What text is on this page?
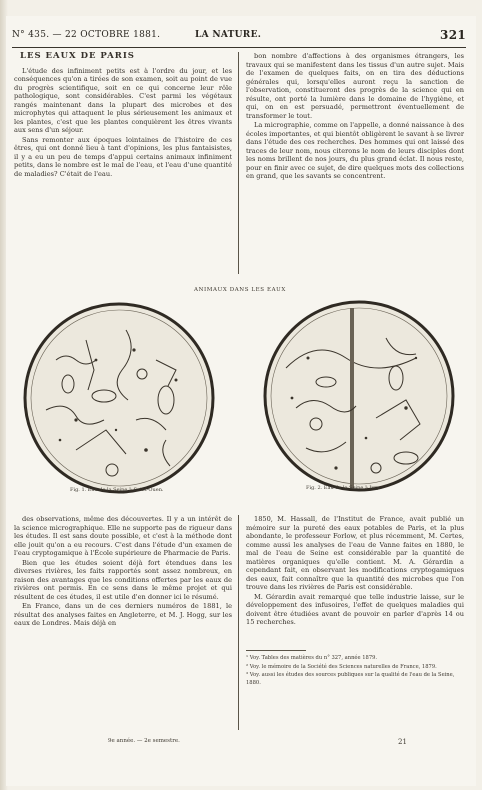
N° 435. — 22 OCTOBRE 1881.	LA NATURE.	321
LES EAUX DE PARIS

L'étude des infiniment petits est à l'ordre du jour, et les conséquences qu'on a tirées de son examen, soit au point de vue du progrès scientifique, soit en ce qui concerne leur rôle pathologique, sont considérables. C'est parmi les végétaux rangés maintenant dans la plupart des microbes et des microphytes qui attaquent le plus sérieusement les animaux et les plantes, c'est que les plantes conquièrent les êtres vivants aux sens d'un séjour.

Sans remonter aux époques lointaines de l'histoire de ces êtres, qui ont donné lieu à tant d'opinions, les plus fantaisistes, il y a eu un peu de temps d'appui certains animaux infiniment petits, dans le nombre est le mal de l'eau, et l'eau d'une quantité de maladies? C'était de l'eau.

bon nombre d'affections à des organismes étrangers, les travaux qui se manifestent dans les tissus d'un autre sujet. Mais de l'examen de quelques faits, on en tira des déductions générales qui, lorsqu'elles auront reçu la sanction de l'observation, constitueront des progrès de la science qui en résulte, ont porté la lumière dans le domaine de l'hygiène, et qui, on en est persuadé, permettront éventuellement de transformer le tout.

La micrographie, comme on l'appelle, a donné naissance à des écoles importantes, et qui bientôt obligèrent le savant à se livrer dans l'étude des ces recherches. Des hommes qui ont laissé des traces de leur nom, nous citerons le nom de leurs disciples dont les noms brillent de nos jours, du plus grand éclat. Il nous reste, pour en finir avec ce sujet, de dire quelques mots des collections en grand, que les savants se concentrent.

ANIMAUX DANS LES EAUX
Fig. 1. Eau de la Seine à Saint-Ouen.	Fig. 2. Eau de la Seine à Ivry.

des observations, même des découvertes. Il y a un intérêt de la science micrographique. Elle ne supporte pas de rigueur dans les études. Il est sans doute possible, et c'est à la méthode dont elle jouit qu'on a eu recours. C'est dans l'étude d'un examen de l'eau cryptogamique à l'École supérieure de Pharmacie de Paris.

Bien que les études soient déjà fort étendues dans les diverses rivières, les faits rapportés sont assez nombreux, en raison des avantages que les conditions offertes par les eaux de rivières ont permis. En ce sens dans le même projet et qui résultent de ces études, il est utile d'en donner ici le résumé.

En France, dans un de ces derniers numéros de 1881, le résultat des analyses faites en Angleterre, et M. J. Hogg, sur les eaux de Londres. Mais déjà en

1850, M. Hassall, de l'Institut de France, avait publié un mémoire sur la pureté des eaux potables de Paris, et la plus abondante, le professeur Forlow, et plus récemment, M. Certes, comme aussi les analyses de l'eau de Vanne faites en 1880, le mal de l'eau de Seine est considérable par la quantité de matières organiques qu'elle contient. M. A. Gérardin a cependant fait, en observant les modifications cryptogamiques des eaux, fait connaître que la quantité des microbes que l'on trouve dans les rivières de Paris est considérable.

M. Gérardin avait remarqué que telle industrie laisse, sur le développement des infusoires, l'effet de quelques maladies qui doivent être étudiées avant de pouvoir en parler d'après 14 ou 15 recherches.

¹ Voy. Tables des matières du n° 327, année 1879.
² Voy. le mémoire de la Société des Sciences naturelles de France, 1879.
³ Voy. aussi les études des sources publiques sur la qualité de l'eau de la Seine, 1880.
9e année. — 2e semestre.	21
